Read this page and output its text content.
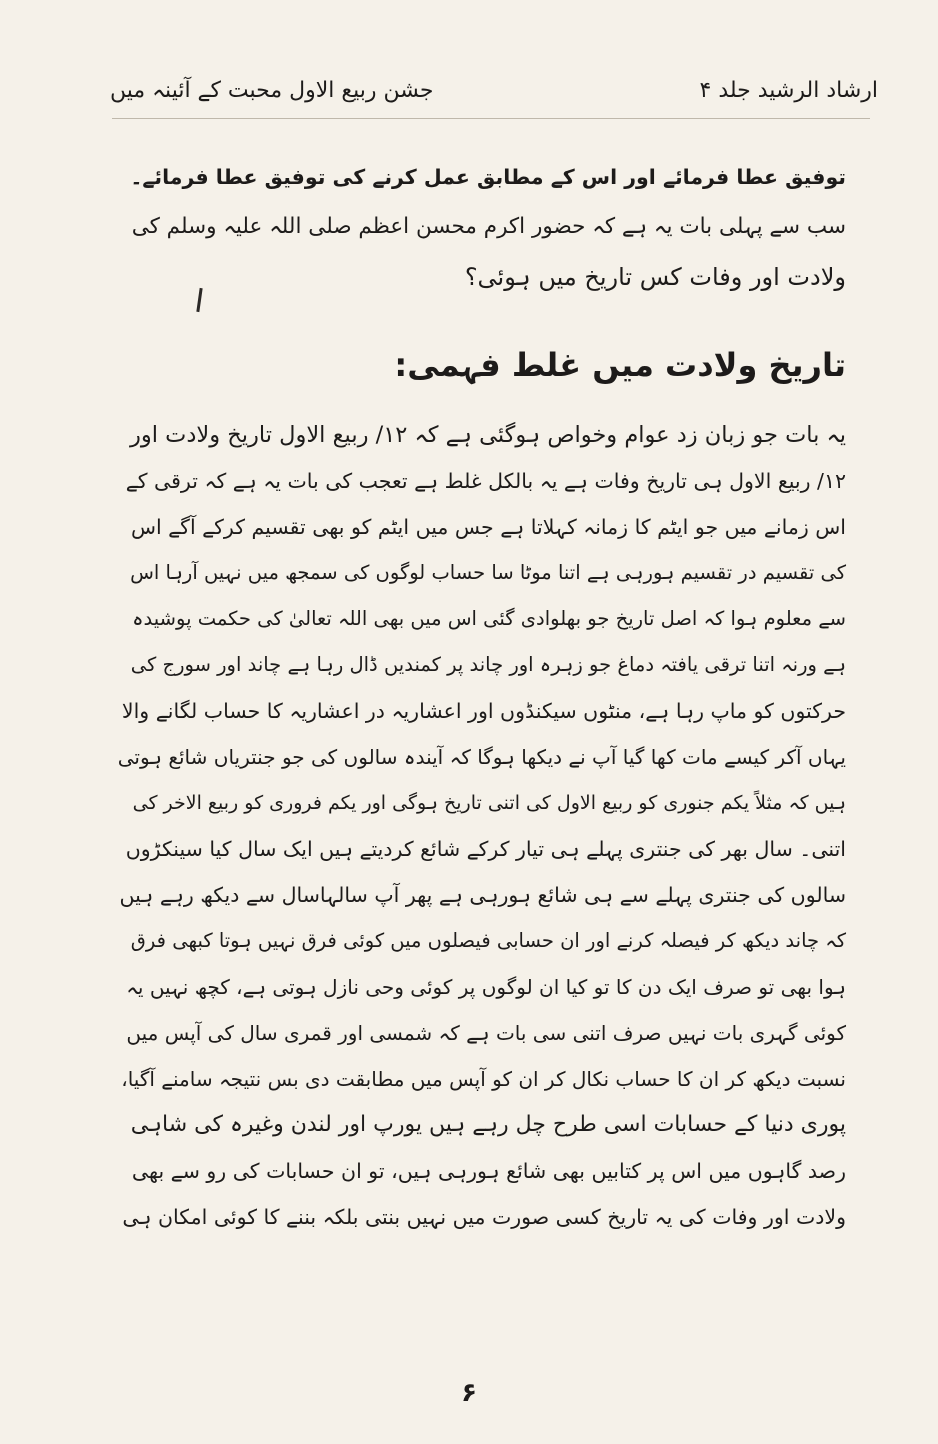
ارشاد الرشید جلد ۴
جشن ربیع الاول محبت کے آئینہ میں
توفیق عطا فرمائے اور اس کے مطابق عمل کرنے کی توفیق عطا فرمائے۔
سب سے پہلی بات یہ ہے کہ حضور اکرم محسن اعظم صلی اللہ علیہ وسلم کی
ولادت اور وفات کس تاریخ میں ہوئی؟
تاریخ ولادت میں غلط فہمی:
یہ بات جو زبان زد عوام وخواص ہوگئی ہے کہ ۱۲/ ربیع الاول تاریخ ولادت اور
۱۲/ ربیع الاول ہی تاریخ وفات ہے یہ بالکل غلط ہے تعجب کی بات یہ ہے کہ ترقی کے
اس زمانے میں جو ایٹم کا زمانہ کہلاتا ہے جس میں ایٹم کو بھی تقسیم کرکے آگے اس
کی تقسیم در تقسیم ہورہی ہے اتنا موٹا سا حساب لوگوں کی سمجھ میں نہیں آرہا اس
سے معلوم ہوا کہ اصل تاریخ جو بھلوادی گئی اس میں بھی اللہ تعالیٰ کی حکمت پوشیدہ
ہے ورنہ اتنا ترقی یافتہ دماغ جو زہرہ اور چاند پر کمندیں ڈال رہا ہے چاند اور سورج کی
حرکتوں کو ماپ رہا ہے، منٹوں سیکنڈوں اور اعشاریہ در اعشاریہ کا حساب لگانے والا
یہاں آکر کیسے مات کھا گیا آپ نے دیکھا ہوگا کہ آیندہ سالوں کی جو جنتریاں شائع ہوتی
ہیں کہ مثلاً یکم جنوری کو ربیع الاول کی اتنی تاریخ ہوگی اور یکم فروری کو ربیع الاخر کی
اتنی۔ سال بھر کی جنتری پہلے ہی تیار کرکے شائع کردیتے ہیں ایک سال کیا سینکڑوں
سالوں کی جنتری پہلے سے ہی شائع ہورہی ہے پھر آپ سالہاسال سے دیکھ رہے ہیں
کہ چاند دیکھ کر فیصلہ کرنے اور ان حسابی فیصلوں میں کوئی فرق نہیں ہوتا کبھی فرق
ہوا بھی تو صرف ایک دن کا تو کیا ان لوگوں پر کوئی وحی نازل ہوتی ہے، کچھ نہیں یہ
کوئی گہری بات نہیں صرف اتنی سی بات ہے کہ شمسی اور قمری سال کی آپس میں
نسبت دیکھ کر ان کا حساب نکال کر ان کو آپس میں مطابقت دی بس نتیجہ سامنے آگیا،
پوری دنیا کے حسابات اسی طرح چل رہے ہیں یورپ اور لندن وغیرہ کی شاہی
رصد گاہوں میں اس پر کتابیں بھی شائع ہورہی ہیں، تو ان حسابات کی رو سے بھی
ولادت اور وفات کی یہ تاریخ کسی صورت میں نہیں بنتی بلکہ بننے کا کوئی امکان ہی
۶
